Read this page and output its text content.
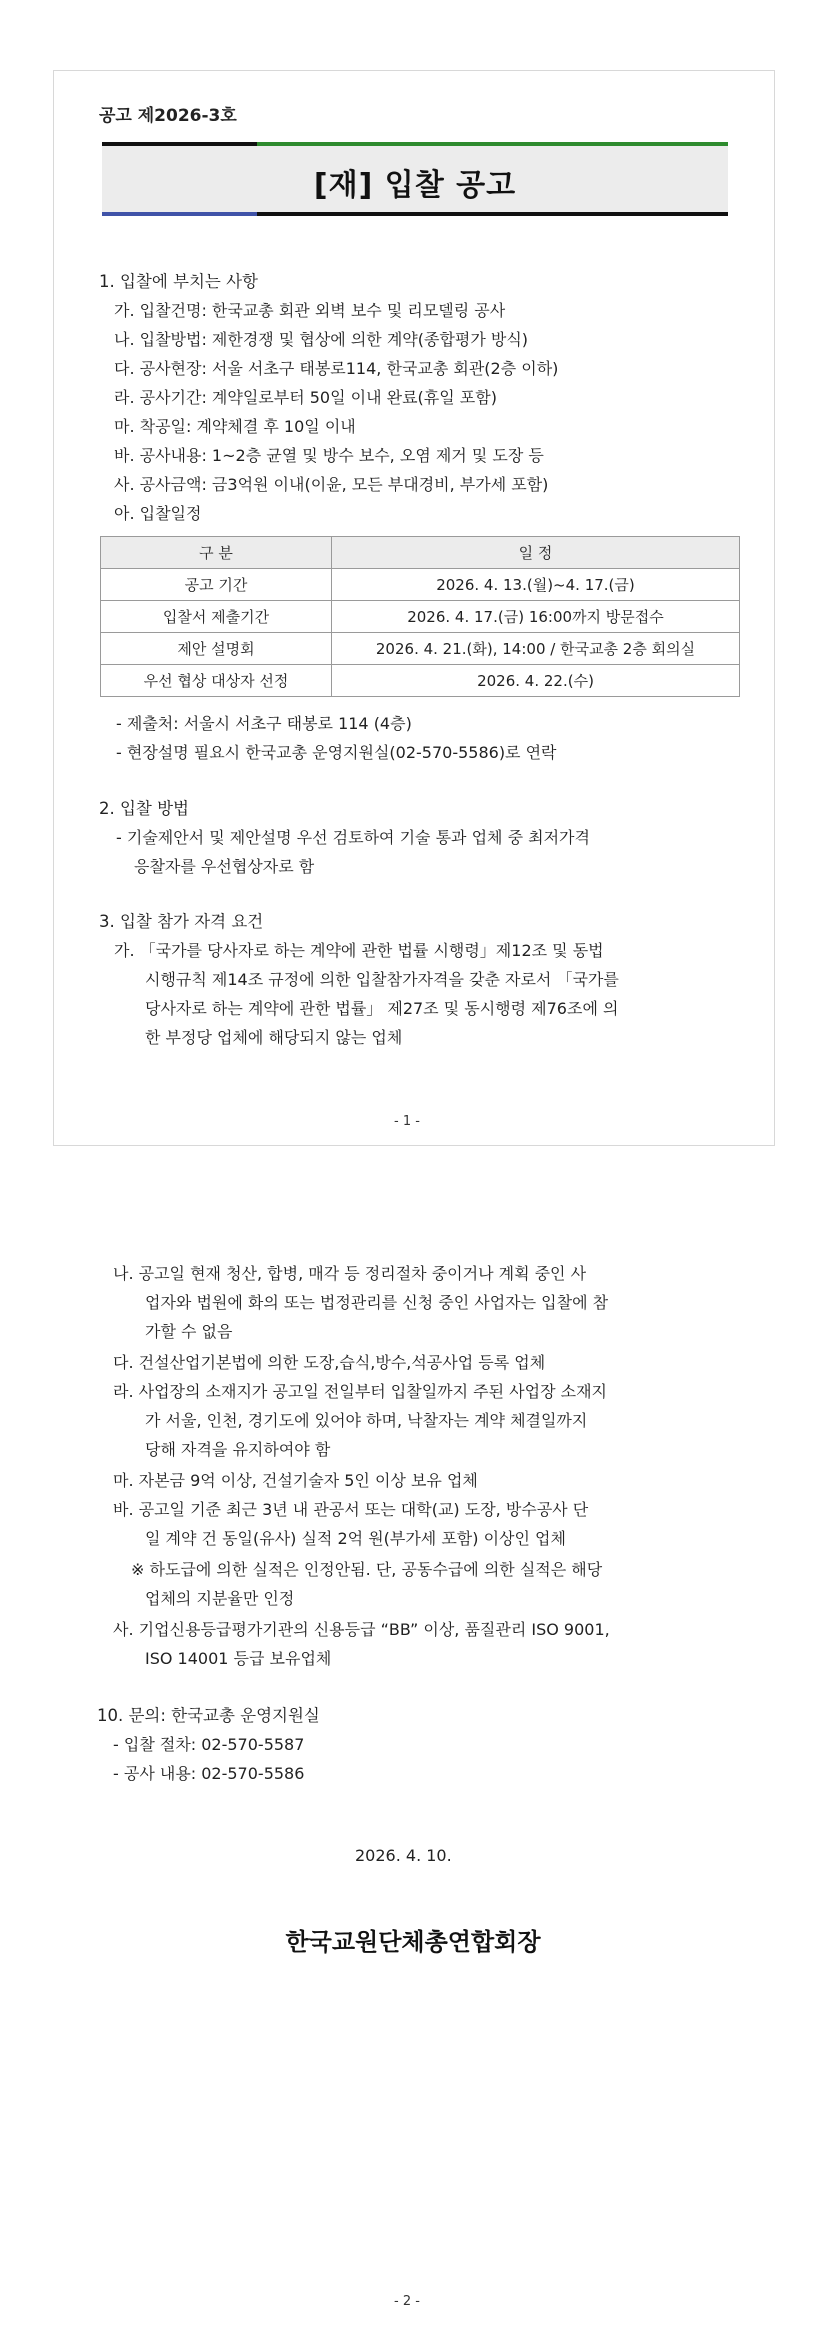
공고 제2026-3호
[재] 입찰 공고
1. 입찰에 부치는 사항
가. 입찰건명: 한국교총 회관 외벽 보수 및 리모델링 공사
나. 입찰방법: 제한경쟁 및 협상에 의한 계약(종합평가 방식)
다. 공사현장: 서울 서초구 태봉로114, 한국교총 회관(2층 이하)
라. 공사기간: 계약일로부터 50일 이내 완료(휴일 포함)
마. 착공일: 계약체결 후 10일 이내
바. 공사내용: 1~2층 균열 및 방수 보수, 오염 제거 및 도장 등
사. 공사금액: 금3억원 이내(이윤, 모든 부대경비, 부가세 포함)
아. 입찰일정
구 분	일 정
공고 기간	2026. 4. 13.(월)~4. 17.(금)
입찰서 제출기간	2026. 4. 17.(금) 16:00까지 방문접수
제안 설명회	2026. 4. 21.(화), 14:00 / 한국교총 2층 회의실
우선 협상 대상자 선정	2026. 4. 22.(수)
- 제출처: 서울시 서초구 태봉로 114 (4층)
- 현장설명 필요시 한국교총 운영지원실(02-570-5586)로 연락
2. 입찰 방법
- 기술제안서 및 제안설명 우선 검토하여 기술 통과 업체 중 최저가격
응찰자를 우선협상자로 함
3. 입찰 참가 자격 요건
가. 「국가를 당사자로 하는 계약에 관한 법률 시행령」제12조 및 동법
시행규칙 제14조 규정에 의한 입찰참가자격을 갖춘 자로서 「국가를
당사자로 하는 계약에 관한 법률」 제27조 및 동시행령 제76조에 의
한 부정당 업체에 해당되지 않는 업체
- 1 -
나. 공고일 현재 청산, 합병, 매각 등 정리절차 중이거나 계획 중인 사
업자와 법원에 화의 또는 법정관리를 신청 중인 사업자는 입찰에 참
가할 수 없음
다. 건설산업기본법에 의한 도장,습식,방수,석공사업 등록 업체
라. 사업장의 소재지가 공고일 전일부터 입찰일까지 주된 사업장 소재지
가 서울, 인천, 경기도에 있어야 하며, 낙찰자는 계약 체결일까지
당해 자격을 유지하여야 함
마. 자본금 9억 이상, 건설기술자 5인 이상 보유 업체
바. 공고일 기준 최근 3년 내 관공서 또는 대학(교) 도장, 방수공사 단
일 계약 건 동일(유사) 실적 2억 원(부가세 포함) 이상인 업체
※ 하도급에 의한 실적은 인정안됨. 단, 공동수급에 의한 실적은 해당
업체의 지분율만 인정
사. 기업신용등급평가기관의 신용등급 “BB” 이상, 품질관리 ISO 9001,
ISO 14001 등급 보유업체
10. 문의: 한국교총 운영지원실
- 입찰 절차: 02-570-5587
- 공사 내용: 02-570-5586
2026. 4. 10.
한국교원단체총연합회장
- 2 -
